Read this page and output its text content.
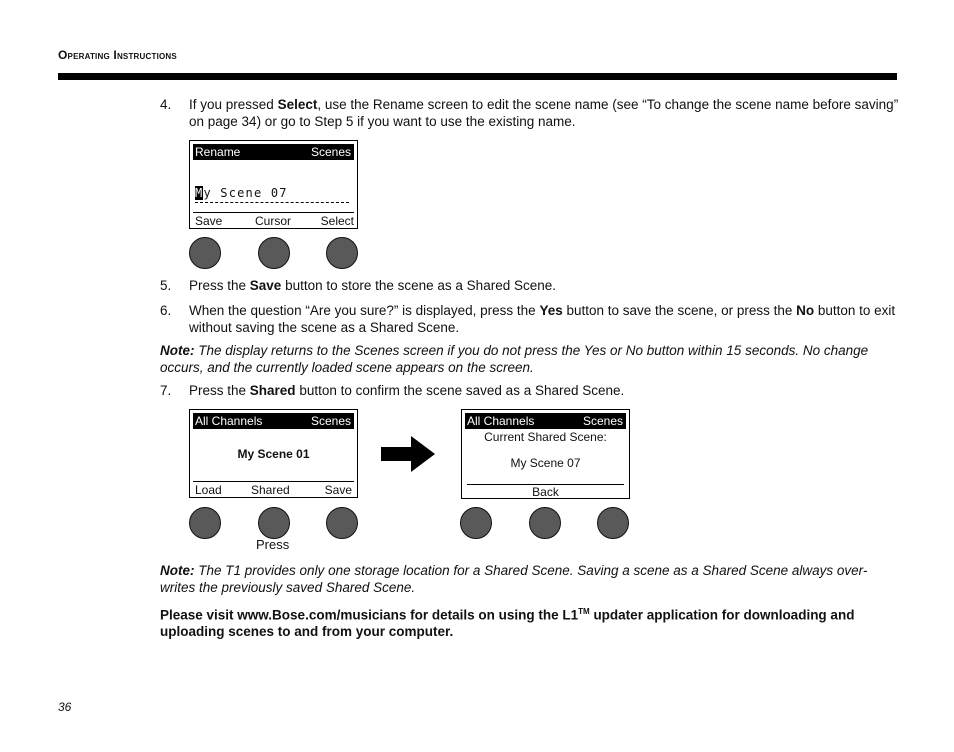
Operating Instructions
4.	If you pressed Select, use the Rename screen to edit the scene name (see “To change the scene name before saving” on page 34) or go to Step 5 if you want to use the existing name.
Rename	Scenes
My Scene 07
Save	Cursor Select
5.	Press the Save button to store the scene as a Shared Scene.
6.	When the question “Are you sure?” is displayed, press the Yes button to save the scene, or press the No button to exit without saving the scene as a Shared Scene.
Note: The display returns to the Scenes screen if you do not press the Yes or No button within 15 seconds. No change occurs, and the currently loaded scene appears on the screen.
7.	Press the Shared button to confirm the scene saved as a Shared Scene.
All Channels	Scenes
My Scene 01
Load Shared	Save
Press
All Channels	Scenes
Current Shared Scene:
My Scene 07
Back
Note: The T1 provides only one storage location for a Shared Scene. Saving a scene as a Shared Scene always over-writes the previously saved Shared Scene.
Please visit www.Bose.com/musicians for details on using the L1™ updater application for downloading and uploading scenes to and from your computer.
36
